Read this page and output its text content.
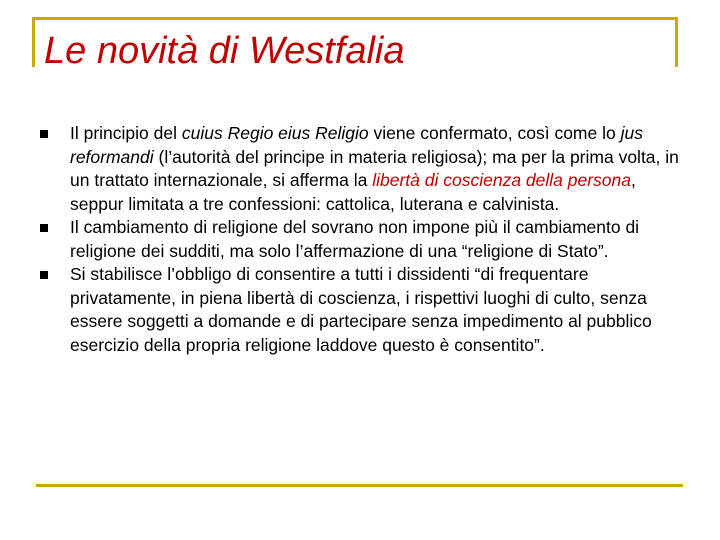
Le novità di Westfalia
Il principio del cuius Regio eius Religio viene confermato, così come lo jus reformandi (l’autorità del principe in materia religiosa); ma per la prima volta, in un trattato internazionale, si afferma la libertà di coscienza della persona, seppur limitata a tre confessioni: cattolica, luterana e calvinista.
Il cambiamento di religione del sovrano non impone più il cambiamento di religione dei sudditi, ma solo l’affermazione di una “religione di Stato”.
Si stabilisce l’obbligo di consentire a tutti i dissidenti “di frequentare privatamente, in piena libertà di coscienza, i rispettivi luoghi di culto, senza essere soggetti a domande e di partecipare senza impedimento al pubblico esercizio della propria religione laddove questo è consentito”.
